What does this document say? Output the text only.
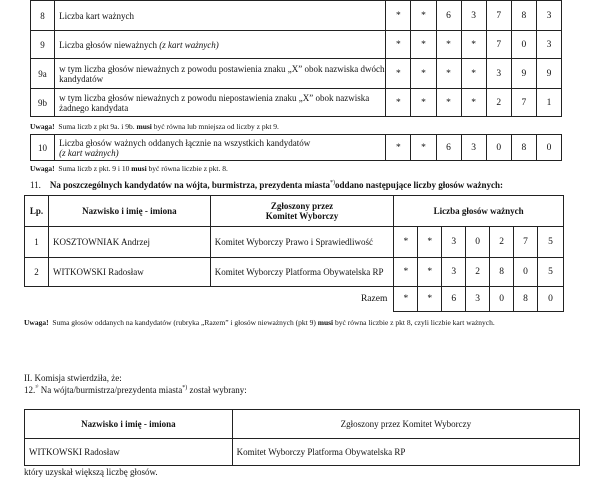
8	Liczba kart ważnych	*	*	6	3	7	8	3
9	Liczba głosów nieważnych (z kart ważnych)	*	*	*	*	7	0	3
9a	w tym liczba głosów nieważnych z powodu postawienia znaku „X” obok nazwiska dwóch kandydatów	*	*	*	*	3	9	9
9b	w tym liczba głosów nieważnych z powodu niepostawienia znaku „X” obok nazwiska żadnego kandydata	*	*	*	*	2	7	1
Uwaga! Suma liczb z pkt 9a. i 9b. musi być równa lub mniejsza od liczby z pkt 9.
10	Liczba głosów ważnych oddanych łącznie na wszystkich kandydatów
(z kart ważnych)	*	*	6	3	0	8	0
Uwaga! Suma liczb z pkt. 9 i 10 musi być równa liczbie z pkt. 8.
11. Na poszczególnych kandydatów na wójta, burmistrza, prezydenta miasta*)oddano następujące liczby głosów ważnych:
Lp.	Nazwisko i imię - imiona	Zgłoszony przez
Komitet Wyborczy	Liczba głosów ważnych						
1	KOSZTOWNIAK Andrzej	Komitet Wyborczy Prawo i Sprawiedliwość	*	*	3	0	2	7	5
2	WITKOWSKI Radosław	Komitet Wyborczy Platforma Obywatelska RP	*	*	3	2	8	0	5
Razem			*	*	6	3	0	8	0
Uwaga! Suma głosów oddanych na kandydatów (rubryka „Razem” i głosów nieważnych (pkt 9) musi być równa liczbie z pkt 8, czyli liczbie kart ważnych.
II. Komisja stwierdziła, że:
12.$^{^{1)}}$ Na wójta/burmistrza/prezydenta miasta*) został wybrany:
Nazwisko i imię - imiona	Zgłoszony przez Komitet Wyborczy
WITKOWSKI Radosław	Komitet Wyborczy Platforma Obywatelska RP
który uzyskał większą liczbę głosów.
